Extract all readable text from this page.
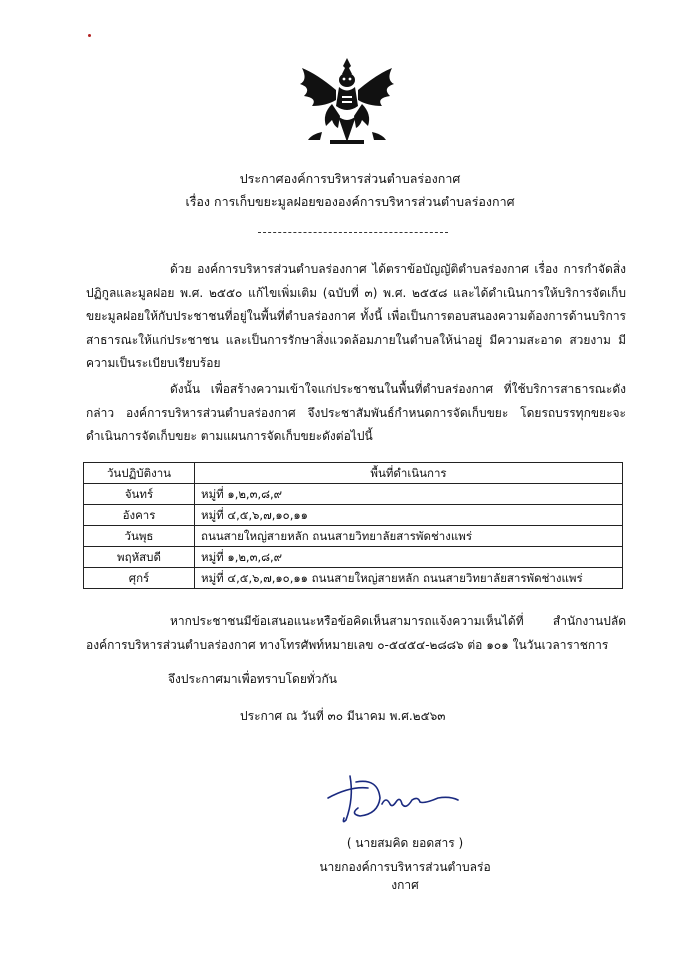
ประกาศองค์การบริหารส่วนตำบลร่องกาศ
เรื่อง การเก็บขยะมูลฝอยขององค์การบริหารส่วนตำบลร่องกาศ

ด้วย องค์การบริหารส่วนตำบลร่องกาศ ได้ตราข้อบัญญัติตำบลร่องกาศ เรื่อง การกำจัดสิ่งปฏิกูลและมูลฝอย พ.ศ. ๒๕๕๐ แก้ไขเพิ่มเติม (ฉบับที่ ๓) พ.ศ. ๒๕๕๘ และได้ดำเนินการให้บริการจัดเก็บขยะมูลฝอยให้กับประชาชนที่อยู่ในพื้นที่ตำบลร่องกาศ ทั้งนี้ เพื่อเป็นการตอบสนองความต้องการด้านบริการสาธารณะให้แก่ประชาชน และเป็นการรักษาสิ่งแวดล้อมภายในตำบลให้น่าอยู่ มีความสะอาด สวยงาม มีความเป็นระเบียบเรียบร้อย

ดังนั้น เพื่อสร้างความเข้าใจแก่ประชาชนในพื้นที่ตำบลร่องกาศ ที่ใช้บริการสาธารณะดังกล่าว องค์การบริหารส่วนตำบลร่องกาศ จึงประชาสัมพันธ์กำหนดการจัดเก็บขยะ โดยรถบรรทุกขยะจะดำเนินการจัดเก็บขยะ ตามแผนการจัดเก็บขยะดังต่อไปนี้

วันปฏิบัติงาน	พื้นที่ดำเนินการ
จันทร์	หมู่ที่ ๑,๒,๓,๘,๙
อังคาร	หมู่ที่ ๔,๕,๖,๗,๑๐,๑๑
วันพุธ	ถนนสายใหญ่สายหลัก ถนนสายวิทยาลัยสารพัดช่างแพร่
พฤหัสบดี	หมู่ที่ ๑,๒,๓,๘,๙
ศุกร์	หมู่ที่ ๔,๕,๖,๗,๑๐,๑๑ ถนนสายใหญ่สายหลัก ถนนสายวิทยาลัยสารพัดช่างแพร่

หากประชาชนมีข้อเสนอแนะหรือข้อคิดเห็นสามารถแจ้งความเห็นได้ที่ สำนักงานปลัดองค์การบริหารส่วนตำบลร่องกาศ ทางโทรศัพท์หมายเลข ๐-๕๔๕๔-๒๘๘๖ ต่อ ๑๐๑ ในวันเวลาราชการ

จึงประกาศมาเพื่อทราบโดยทั่วกัน
ประกาศ ณ วันที่ ๓๐ มีนาคม พ.ศ.๒๕๖๓
( นายสมคิด ยอดสาร )
นายกองค์การบริหารส่วนตำบลร่องกาศ
